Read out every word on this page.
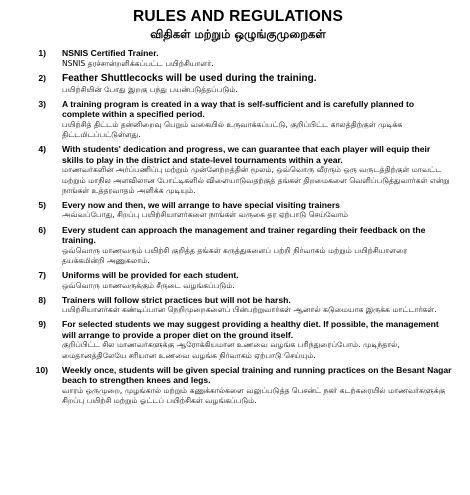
RULES AND REGULATIONS
விதிகள் மற்றும் ஒழுங்குமுறைகள்
1)	NSNIS Certified Trainer.
NSNIS தரச்சான்றளிக்கப்பட்ட பயிற்சியாளர்.
2)	Feather Shuttlecocks will be used during the training.
பயிற்சியின் போது இறகு பந்து பயன்படுத்தப்படும்.
3)	A training program is created in a way that is self-sufficient and is carefully planned to complete within a specified period.
பயிற்சித் திட்டம் தன்னிறைவு பெறும் வகையில் உருவாக்கப்பட்டு, குறிப்பிட்ட காலத்திற்குள் முடிக்க திட்டமிடப்பட்டுள்ளது.
4)	With students' dedication and progress, we can guarantee that each player will equip their skills to play in the district and state-level tournaments within a year.
மாணவர்களின் அர்ப்பணிப்பு மற்றும் முன்னேற்றத்தின் மூலம், ஒவ்வொரு வீரரும் ஒரு வருடத்திற்குள் மாவட்ட மற்றும் மாநில அளவிலான போட்டிகளில் விளையாடுவதற்குத் தங்கள் திறமைகளை வெளிப்படுத்துவார்கள் என்று நாங்கள் உத்தரவாதம் அளிக்க முடியும்.
5)	Every now and then, we will arrange to have special visiting trainers
அவ்வப்போது, சிறப்பு பயிற்சியாளர்களை நாங்கள் வருகை தர ஏற்பாடு செய்வோம்
6)	Every student can approach the management and trainer regarding their feedback on the training.
ஒவ்வொரு மாணவரும் பயிற்சி குறித்த தங்கள் கருத்துகளைப் பற்றி நிர்வாகம் மற்றும் பயிற்சியாளரை தயக்கமின்றி அணுகலாம்.
7)	Uniforms will be provided for each student.
ஒவ்வொரு மாணவருக்கும் சீருடை வழங்கப்படும்.
8)	Trainers will follow strict practices but will not be harsh.
பயிற்சியாளர்கள் கண்டிப்பான நெறிமுறைகளைப் பின்பற்றுவார்கள் ஆனால் கடுமையாக இருக்க மாட்டார்கள்.
9)	For selected students we may suggest providing a healthy diet. If possible, the management will arrange to provide a proper diet on the ground itself.
குறிப்பிட்ட சில மாணவர்களுக்கு ஆரோக்கியமான உணவை வழங்க பரிந்துரைப்போம். முடிந்தால், மைதானத்திலேயே சரியான உணவை வழங்க நிர்வாகம் ஏற்பாடு செய்யும்.
10)	Weekly once, students will be given special training and running practices on the Besant Nagar beach to strengthen knees and legs.
வாரம் ஒருமுறை, முழங்கால் மற்றும் கணுக்கால்களை வலுப்படுத்த பெசன்ட் நகர் கடற்கரையில் மாணவர்களுக்கு சிறப்பு பயிற்சி மற்றும் ஓட்டப் பயிற்சிகள் வழங்கப்படும்.
